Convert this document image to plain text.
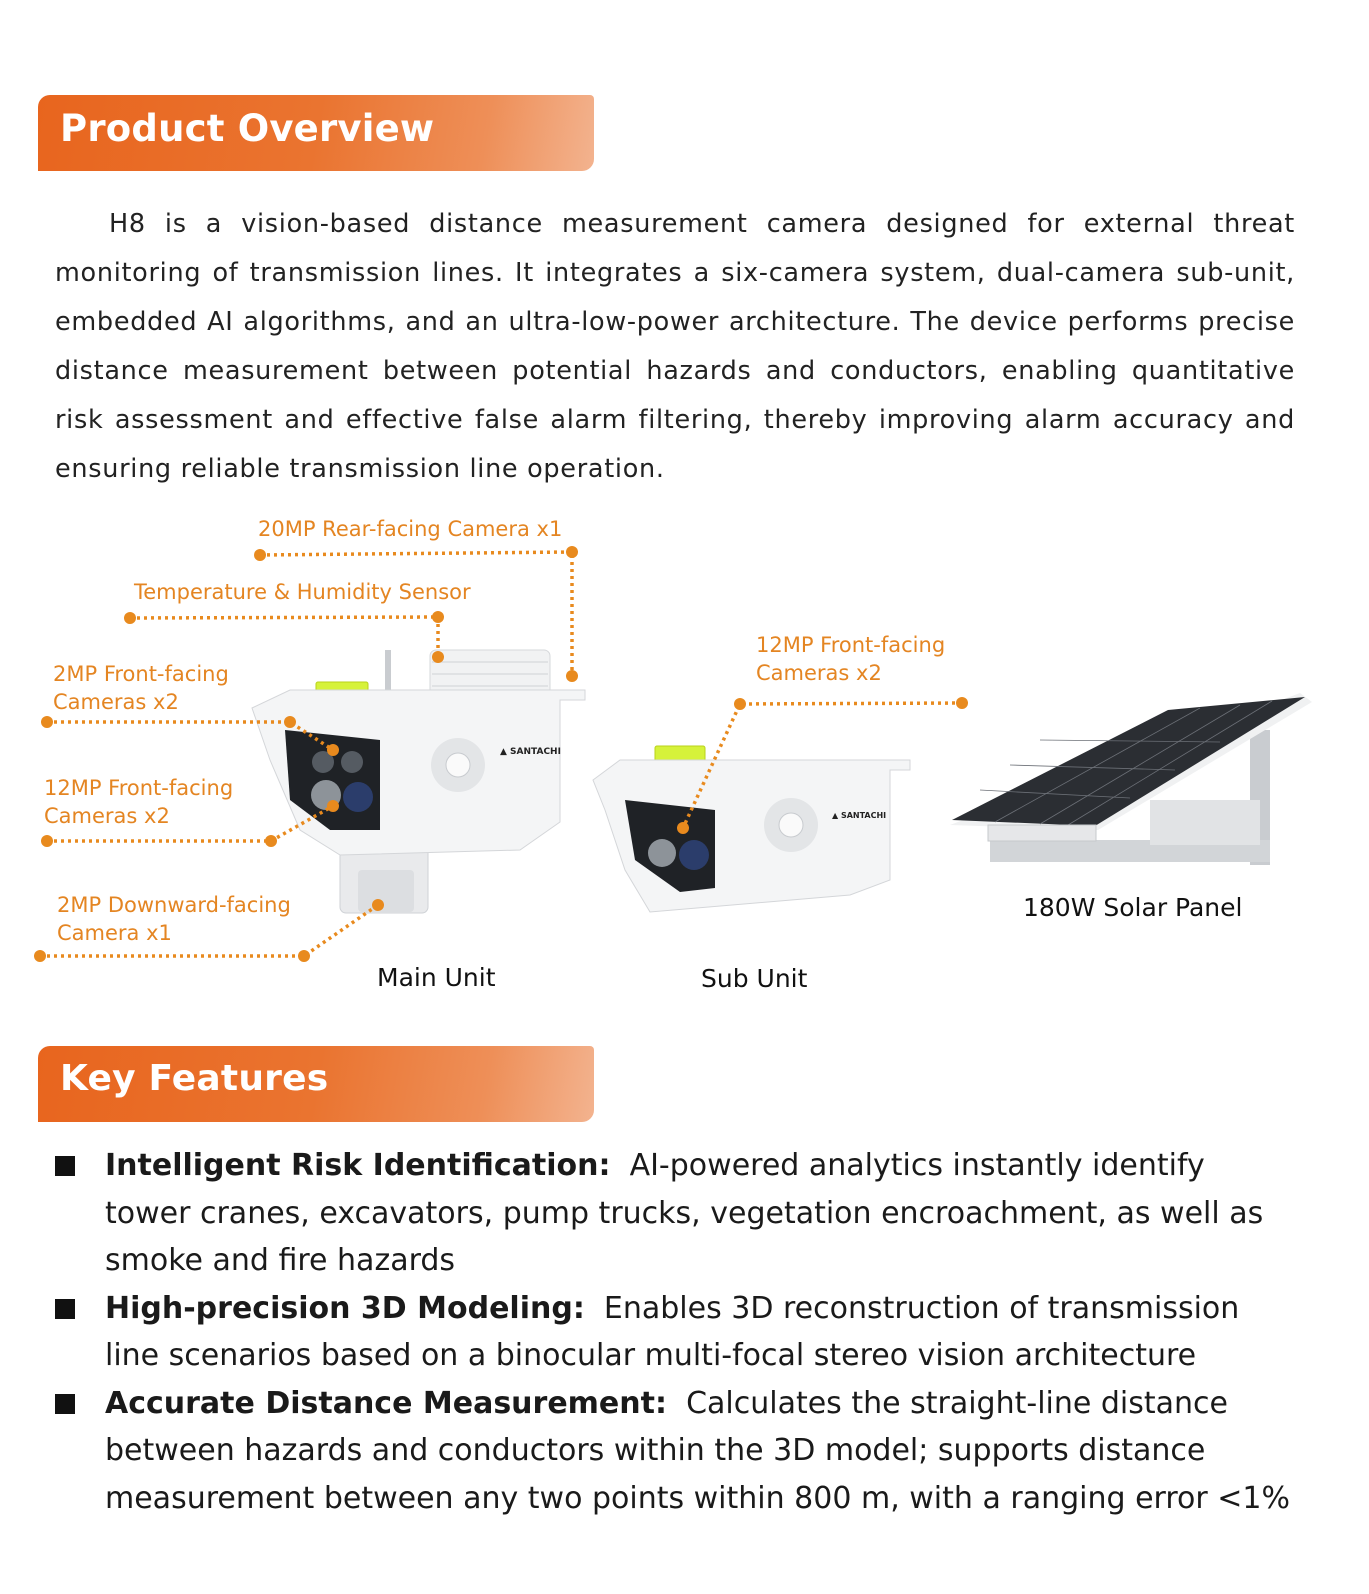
Product Overview
H8 is a vision-based distance measurement camera designed for external threat monitoring of transmission lines. It integrates a six-camera system, dual-camera sub-unit, embedded AI algorithms, and an ultra-low-power architecture. The device performs precise distance measurement between potential hazards and conductors, enabling quantitative risk assessment and effective false alarm filtering, thereby improving alarm accuracy and ensuring reliable transmission line operation.
▲ SANTACHI
▲ SANTACHI
20MP Rear-facing Camera x1
Temperature & Humidity Sensor
2MP Front-facing
Cameras x2
12MP Front-facing
Cameras x2
2MP Downward-facing
Camera x1
12MP Front-facing
Cameras x2
Main Unit	Sub Unit
180W Solar Panel
Key Features
Intelligent Risk Identification: AI-powered analytics instantly identify tower cranes, excavators, pump trucks, vegetation encroachment, as well as smoke and fire hazards
High-precision 3D Modeling: Enables 3D reconstruction of transmission line scenarios based on a binocular multi-focal stereo vision architecture
Accurate Distance Measurement: Calculates the straight-line distance between hazards and conductors within the 3D model; supports distance measurement between any two points within 800 m, with a ranging error <1%
